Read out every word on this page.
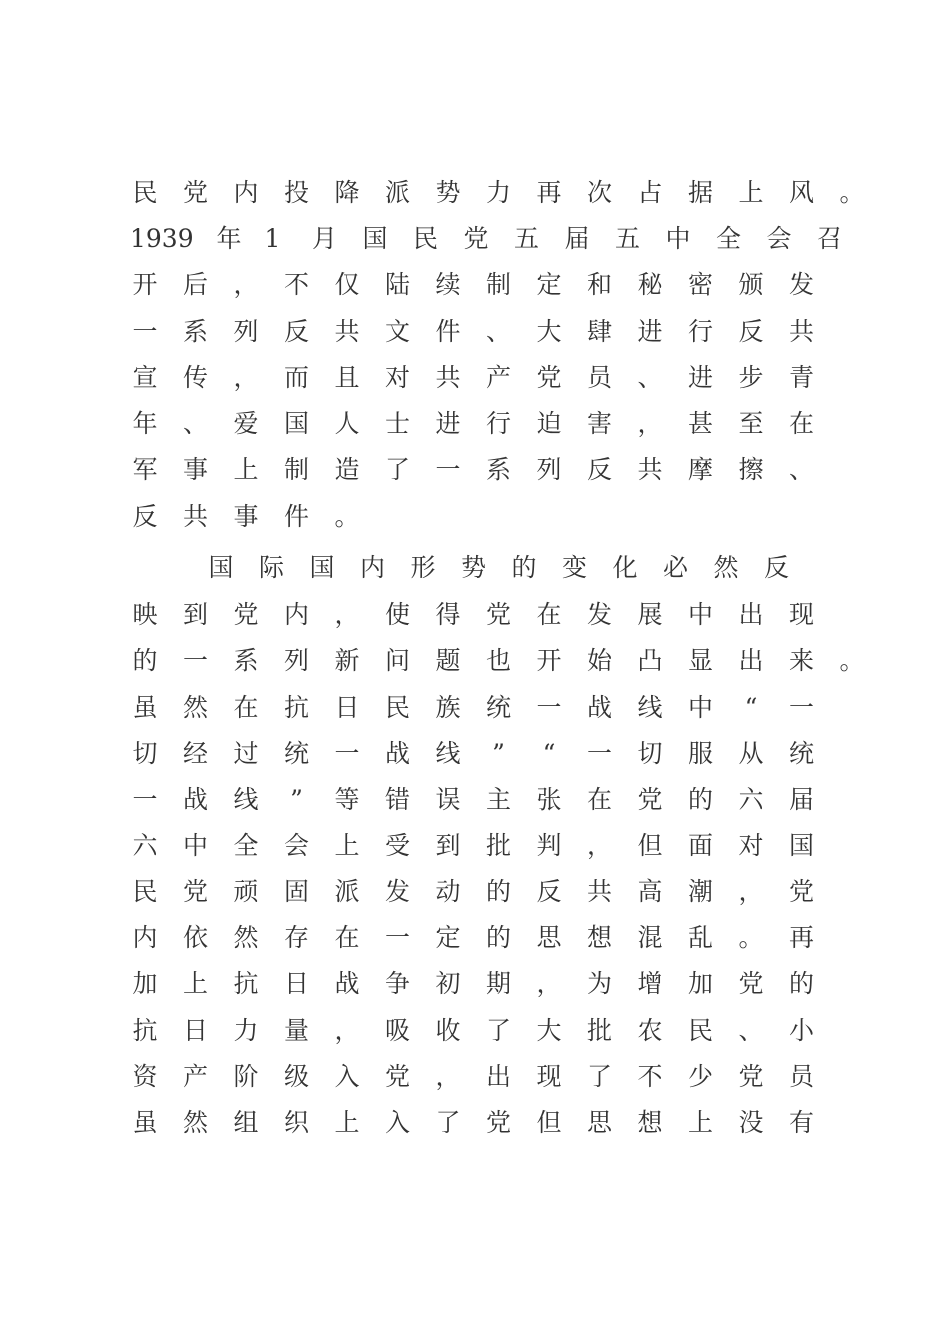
民 党 内 投 降 派 势 力 再 次 占 据 上 风 。
1939 年 1 月 国 民 党 五 届 五 中 全 会 召
开 后 ， 不 仅 陆 续 制 定 和 秘 密 颁 发
一 系 列 反 共 文 件 、 大 肆 进 行 反 共
宣 传 ， 而 且 对 共 产 党 员 、 进 步 青
年 、 爱 国 人 士 进 行 迫 害 ， 甚 至 在
军 事 上 制 造 了 一 系 列 反 共 摩 擦 、
反 共 事 件 。
国 际 国 内 形 势 的 变 化 必 然 反
映 到 党 内 ， 使 得 党 在 发 展 中 出 现
的 一 系 列 新 问 题 也 开 始 凸 显 出 来 。
虽 然 在 抗 日 民 族 统 一 战 线 中	“	一
切 经 过 统 一 战 线	”	“	一 切 服 从 统
一 战 线	”	等 错 误 主 张 在 党 的 六 届
六 中 全 会 上 受 到 批 判 ， 但 面 对 国
民 党 顽 固 派 发 动 的 反 共 高 潮 ， 党
内 依 然 存 在 一 定 的 思 想 混 乱 。 再
加 上 抗 日 战 争 初 期 ， 为 增 加 党 的
抗 日 力 量 ， 吸 收 了 大 批 农 民 、 小
资 产 阶 级 入 党 ， 出 现 了 不 少 党 员
虽 然 组 织 上 入 了 党 但 思 想 上 没 有
